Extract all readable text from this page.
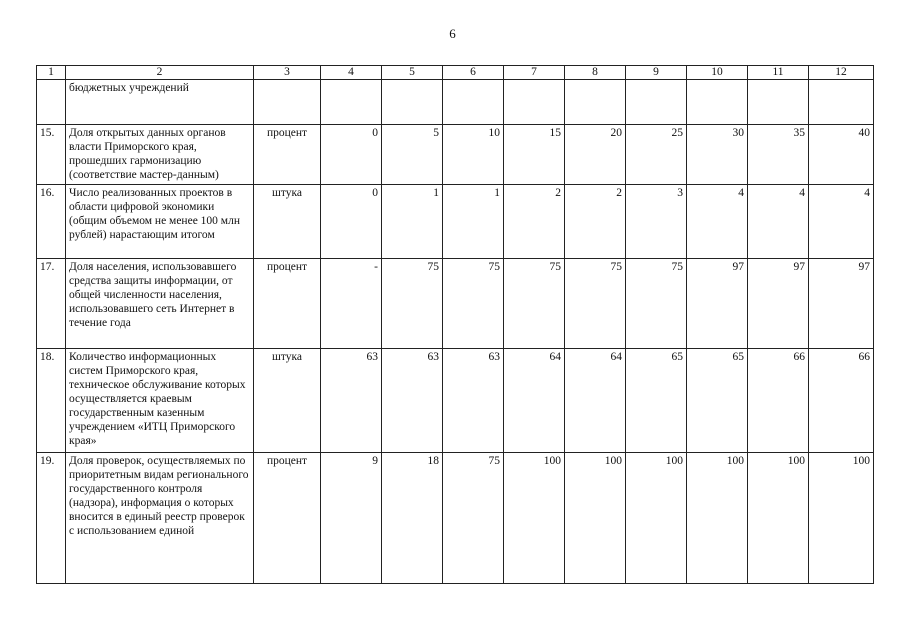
6
1	2	3	4	5	6	7	8	9	10	11	12
	бюджетных учреждений										
15.	Доля открытых данных органов власти Приморского края, прошедших гармонизацию (соответствие мастер-данным)	процент	0	5	10	15	20	25	30	35	40
16.	Число реализованных проектов в области цифровой экономики (общим объемом не менее 100 млн рублей) нарастающим итогом	штука	0	1	1	2	2	3	4	4	4
17.	Доля населения, использовавшего средства защиты информации, от общей численности населения, использовавшего сеть Интернет в течение года	процент	-	75	75	75	75	75	97	97	97
18.	Количество информационных систем Приморского края, техническое обслуживание которых осуществляется краевым государственным казенным учреждением «ИТЦ Приморского края»	штука	63	63	63	64	64	65	65	66	66
19.	Доля проверок, осуществляемых по приоритетным видам регионального государственного контроля (надзора), информация о которых вносится в единый реестр проверок с использованием единой	процент	9	18	75	100	100	100	100	100	100
